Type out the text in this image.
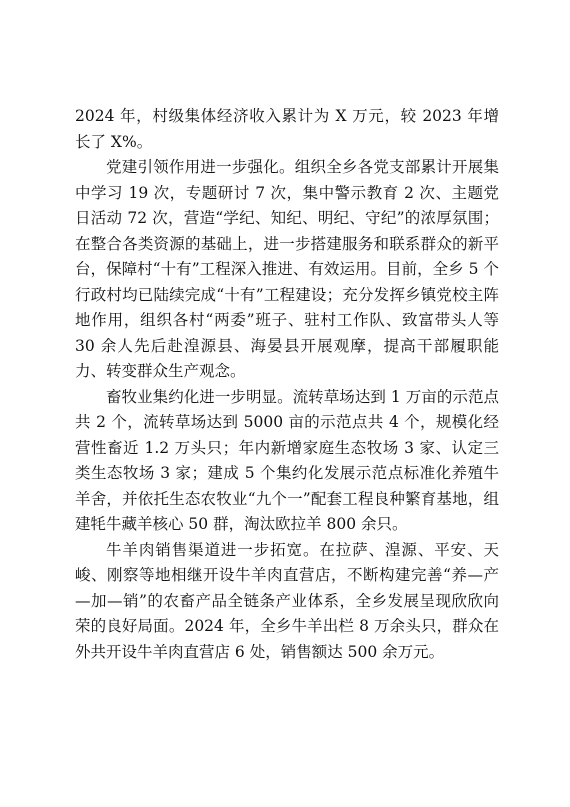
2024 年，村级集体经济收入累计为 X 万元，较 2023 年增长了 X%。

党建引领作用进一步强化。组织全乡各党支部累计开展集中学习 19 次，专题研讨 7 次，集中警示教育 2 次、主题党日活动 72 次，营造“学纪、知纪、明纪、守纪”的浓厚氛围；在整合各类资源的基础上，进一步搭建服务和联系群众的新平台，保障村“十有”工程深入推进、有效运用。目前，全乡 5 个行政村均已陆续完成“十有”工程建设；充分发挥乡镇党校主阵地作用，组织各村“两委”班子、驻村工作队、致富带头人等 30 余人先后赴湟源县、海晏县开展观摩，提高干部履职能力、转变群众生产观念。

畜牧业集约化进一步明显。流转草场达到 1 万亩的示范点共 2 个，流转草场达到 5000 亩的示范点共 4 个，规模化经营性畜近 1.2 万头只；年内新增家庭生态牧场 3 家、认定三类生态牧场 3 家；建成 5 个集约化发展示范点标准化养殖牛羊舍，并依托生态农牧业“九个一”配套工程良种繁育基地，组建牦牛藏羊核心 50 群，淘汰欧拉羊 800 余只。

牛羊肉销售渠道进一步拓宽。在拉萨、湟源、平安、天峻、刚察等地相继开设牛羊肉直营店，不断构建完善“养—产—加—销”的农畜产品全链条产业体系，全乡发展呈现欣欣向荣的良好局面。2024 年，全乡牛羊出栏 8 万余头只，群众在外共开设牛羊肉直营店 6 处，销售额达 500 余万元。
